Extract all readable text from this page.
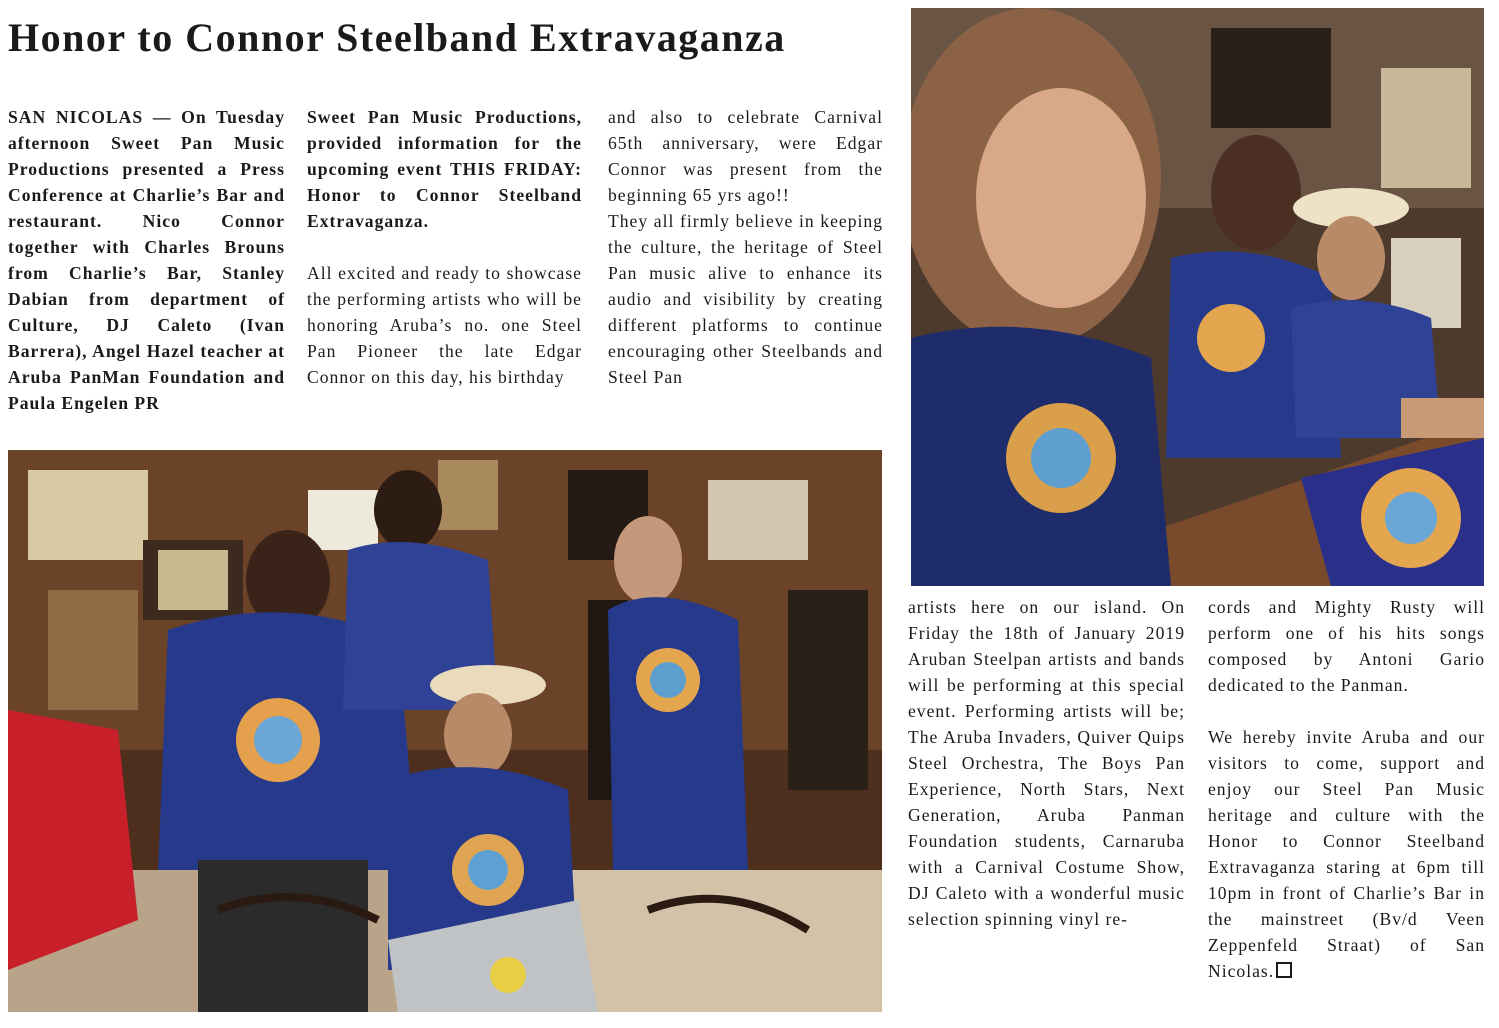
Honor to Connor Steelband Extravaganza

SAN NICOLAS — On Tuesday afternoon Sweet Pan Music Productions presented a Press Conference at Charlie’s Bar and restaurant. Nico Connor together with Charles Brouns from Charlie’s Bar, Stanley Dabian from department of Culture, DJ Caleto (Ivan Barrera), Angel Hazel teacher at Aruba PanMan Foundation and Paula Engelen PR

Sweet Pan Music Productions, provided information for the upcoming event THIS FRIDAY: Honor to Connor Steelband Extravaganza.

All excited and ready to showcase the performing artists who will be honoring Aruba’s no. one Steel Pan Pioneer the late Edgar Connor on this day, his birthday

and also to celebrate Carnival 65th anniversary, were Edgar Connor was present from the beginning 65 yrs ago!!

They all firmly believe in keeping the culture, the heritage of Steel Pan music alive to enhance its audio and visibility by creating different platforms to continue encouraging other Steelbands and Steel Pan

artists here on our island. On Friday the 18th of January 2019 Aruban Steelpan artists and bands will be performing at this special event. Performing artists will be; The Aruba Invaders, Quiver Quips Steel Orchestra, The Boys Pan Experience, North Stars, Next Generation, Aruba Panman Foundation students, Carnaruba with a Carnival Costume Show, DJ Caleto with a wonderful music selection spinning vinyl re-

cords and Mighty Rusty will perform one of his hits songs composed by Antoni Gario dedicated to the Panman.

We hereby invite Aruba and our visitors to come, support and enjoy our Steel Pan Music heritage and culture with the Honor to Connor Steelband Extravaganza staring at 6pm till 10pm in front of Charlie’s Bar in the mainstreet (Bv/d Veen Zeppenfeld Straat) of San Nicolas.
